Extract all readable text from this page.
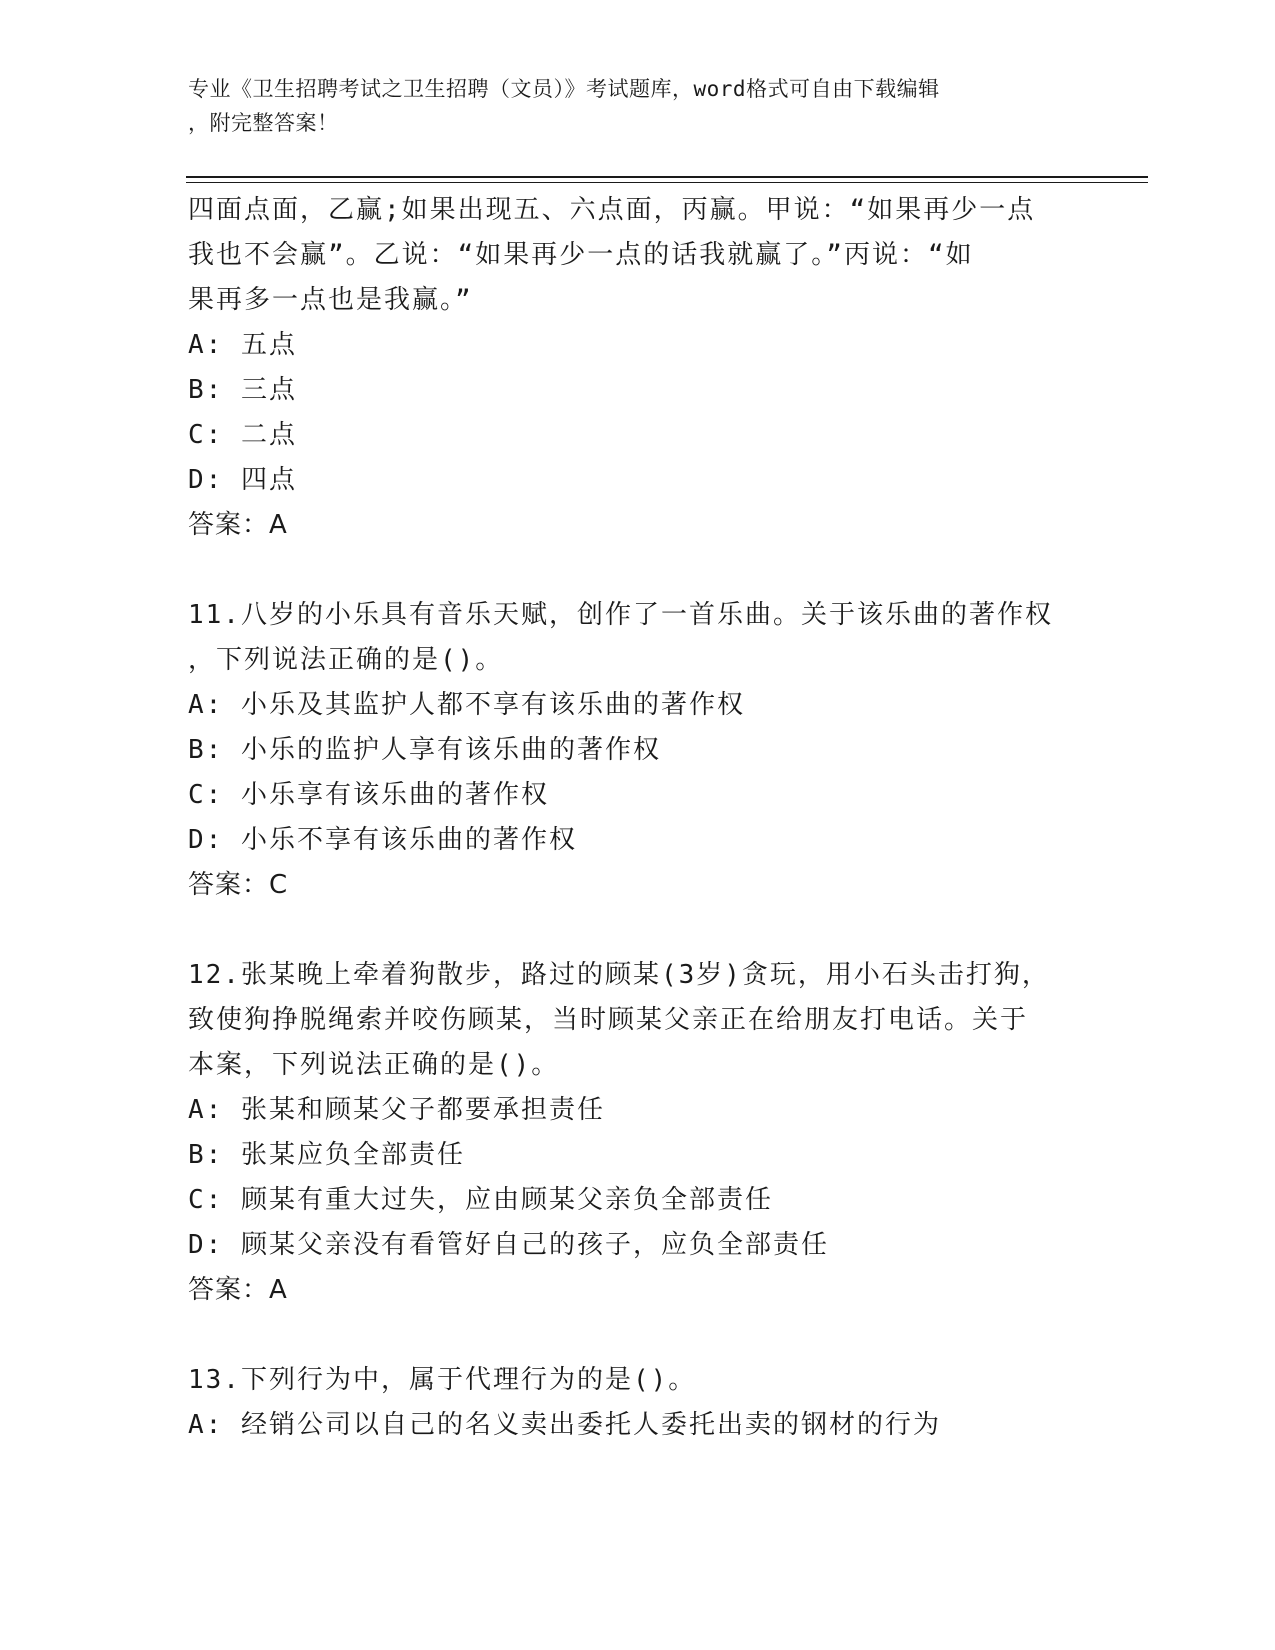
专业《卫生招聘考试之卫生招聘（文员）》考试题库，word格式可自由下载编辑
，附完整答案！
四面点面，乙赢;如果出现五、六点面，丙赢。甲说：“如果再少一点
我也不会赢”。乙说：“如果再少一点的话我就赢了。”丙说：“如
果再多一点也是我赢。”
A: 五点
B: 三点
C: 二点
D: 四点
答案：A
11.八岁的小乐具有音乐天赋，创作了一首乐曲。关于该乐曲的著作权
，下列说法正确的是()。
A: 小乐及其监护人都不享有该乐曲的著作权
B: 小乐的监护人享有该乐曲的著作权
C: 小乐享有该乐曲的著作权
D: 小乐不享有该乐曲的著作权
答案：C
12.张某晚上牵着狗散步，路过的顾某(3岁)贪玩，用小石头击打狗，
致使狗挣脱绳索并咬伤顾某，当时顾某父亲正在给朋友打电话。关于
本案，下列说法正确的是()。
A: 张某和顾某父子都要承担责任
B: 张某应负全部责任
C: 顾某有重大过失，应由顾某父亲负全部责任
D: 顾某父亲没有看管好自己的孩子，应负全部责任
答案：A
13.下列行为中，属于代理行为的是()。
A: 经销公司以自己的名义卖出委托人委托出卖的钢材的行为
